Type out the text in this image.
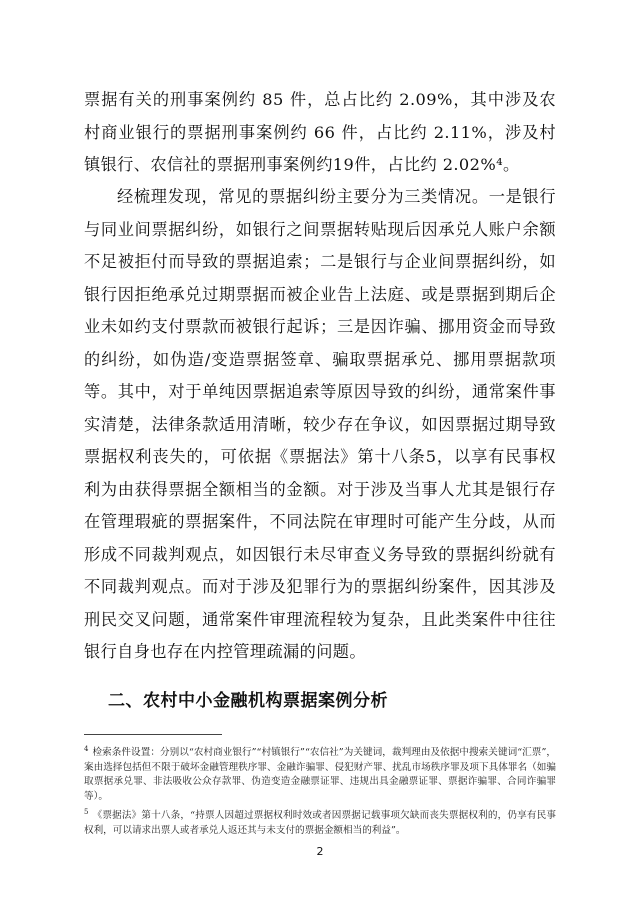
票据有关的刑事案例约 85 件，总占比约 2.09%，其中涉及农村商业银行的票据刑事案例约 66 件，占比约 2.11%，涉及村镇银行、农信社的票据刑事案例约19件，占比约 2.02%⁴。

经梳理发现，常见的票据纠纷主要分为三类情况。一是银行与同业间票据纠纷，如银行之间票据转贴现后因承兑人账户余额不足被拒付而导致的票据追索；二是银行与企业间票据纠纷，如银行因拒绝承兑过期票据而被企业告上法庭、或是票据到期后企业未如约支付票款而被银行起诉；三是因诈骗、挪用资金而导致的纠纷，如伪造/变造票据签章、骗取票据承兑、挪用票据款项等。其中，对于单纯因票据追索等原因导致的纠纷，通常案件事实清楚，法律条款适用清晰，较少存在争议，如因票据过期导致票据权利丧失的，可依据《票据法》第十八条5，以享有民事权利为由获得票据全额相当的金额。对于涉及当事人尤其是银行存在管理瑕疵的票据案件，不同法院在审理时可能产生分歧，从而形成不同裁判观点，如因银行未尽审查义务导致的票据纠纷就有不同裁判观点。而对于涉及犯罪行为的票据纠纷案件，因其涉及刑民交叉问题，通常案件审理流程较为复杂，且此类案件中往往银行自身也存在内控管理疏漏的问题。

二、农村中小金融机构票据案例分析

$^4$ 检索条件设置：分别以“农村商业银行”“村镇银行”“农信社”为关键词，裁判理由及依据中搜索关键词“汇票”，案由选择包括但不限于破坏金融管理秩序罪、金融诈骗罪、侵犯财产罪、扰乱市场秩序罪及项下具体罪名（如骗取票据承兑罪、非法吸收公众存款罪、伪造变造金融票证罪、违规出具金融票证罪、票据诈骗罪、合同诈骗罪等）。

$^5$ 《票据法》第十八条，“持票人因超过票据权利时效或者因票据记载事项欠缺而丧失票据权利的，仍享有民事权利，可以请求出票人或者承兑人返还其与未支付的票据金额相当的利益”。

2
